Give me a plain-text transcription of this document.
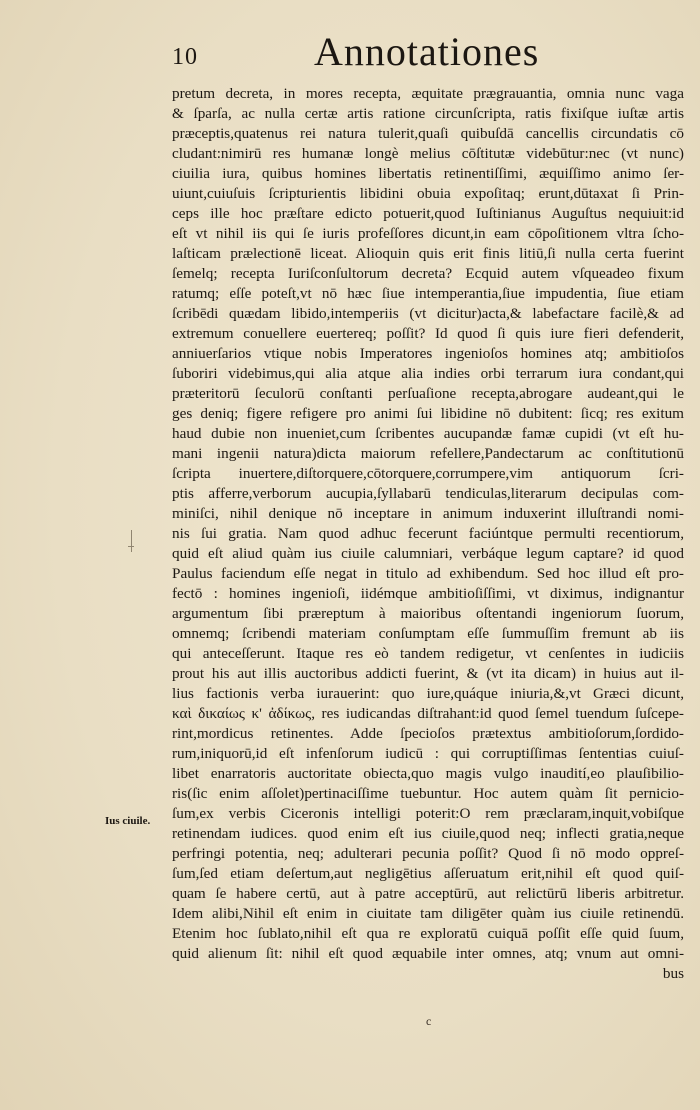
10	Annotationes
Ius ciuile.
pretum decreta, in mores recepta, æquitate prægrauantia, omnia nunc vaga
& ſparſa, ac nulla certæ artis ratione circunſcripta, ratis fixiſque iuſtæ artis
præceptis,quatenus rei natura tulerit,quaſi quibuſdā cancellis circundatis cō
cludant:nimirū res humanæ longè melius cōſtitutæ videbūtur:nec (vt nunc)
ciuilia iura, quibus homines libertatis retinentiſſimi, æquiſſimo animo ſer-
uiunt,cuiuſuis ſcripturientis libidini obuia expoſitaq; erunt,dūtaxat ſi Prin-
ceps ille hoc præſtare edicto potuerit,quod Iuſtinianus Auguſtus nequiuit:id
eſt vt nihil iis qui ſe iuris profeſſores dicunt,in eam cōpoſitionem vltra ſcho-
laſticam prælectionē liceat. Alioquin quis erit finis litiū,ſi nulla certa fuerint
ſemelq; recepta Iuriſconſultorum decreta? Ecquid autem vſqueadeo fixum
ratumq; eſſe poteſt,vt nō hæc ſiue intemperantia,ſiue impudentia, ſiue etiam
ſcribēdi quædam libido,intemperiis (vt dicitur)acta,& labefactare facilè,& ad
extremum conuellere euertereq; poſſit? Id quod ſi quis iure fieri defenderit,
anniuerſarios vtique nobis Imperatores ingenioſos homines atq; ambitioſos
ſuboriri videbimus,qui alia atque alia indies orbi terrarum iura condant,qui
præteritorū ſeculorū conſtanti perſuaſione recepta,abrogare audeant,qui le
ges deniq; figere refigere pro animi ſui libidine nō dubitent: ſicq; res exitum
haud dubie non inueniet,cum ſcribentes aucupandæ famæ cupidi (vt eſt hu-
mani ingenii natura)dicta maiorum refellere,Pandectarum ac conſtitutionū
ſcripta inuertere,diſtorquere,cōtorquere,corrumpere,vim antiquorum ſcri-
ptis afferre,verborum aucupia,ſyllabarū tendiculas,literarum decipulas com-
miniſci, nihil denique nō inceptare in animum induxerint illuſtrandi nomi-
nis ſui gratia. Nam quod adhuc fecerunt faciúntque permulti recentiorum,
quid eſt aliud quàm ius ciuile calumniari, verbáque legum captare? id quod
Paulus faciendum eſſe negat in titulo ad exhibendum. Sed hoc illud eſt pro-
fectō : homines ingenioſi, iidémque ambitioſiſſimi, vt diximus, indignantur
argumentum ſibi præreptum à maioribus oſtentandi ingeniorum ſuorum,
omnemq; ſcribendi materiam conſumptam eſſe ſummuſſim fremunt ab iis
qui anteceſſerunt. Itaque res eò tandem redigetur, vt cenſentes in iudiciis
prout his aut illis auctoribus addicti fuerint, & (vt ita dicam) in huius aut il-
lius factionis verba iurauerint: quo iure,quáque iniuria,&,vt Græci dicunt,
καὶ δικαίως κ' ἀδίκως, res iudicandas diſtrahant:id quod ſemel tuendum ſuſcepe-
rint,mordicus retinentes. Adde ſpecioſos prætextus ambitioſorum,ſordido-
rum,iniquorū,id eſt infenſorum iudicū : qui corruptiſſimas ſententias cuiuſ-
libet enarratoris auctoritate obiecta,quo magis vulgo inaudití,eo plauſibilio-
ris(ſic enim aſſolet)pertinaciſſime tuebuntur. Hoc autem quàm ſit pernicio-
ſum,ex verbis Ciceronis intelligi poterit:O rem præclaram,inquit,vobiſque
retinendam iudices. quod enim eſt ius ciuile,quod neq; inflecti gratia,neque
perfringi potentia, neq; adulterari pecunia poſſit? Quod ſi nō modo oppreſ-
ſum,ſed etiam deſertum,aut negligētius aſſeruatum erit,nihil eſt quod quiſ-
quam ſe habere certū, aut à patre acceptūrū, aut relictūrū liberis arbitretur.
Idem alibi,Nihil eſt enim in ciuitate tam diligēter quàm ius ciuile retinendū.
Etenim hoc ſublato,nihil eſt qua re exploratū cuiquā poſſit eſſe quid ſuum,
quid alienum ſit: nihil eſt quod æquabile inter omnes, atq; vnum aut omni-
bus
c
